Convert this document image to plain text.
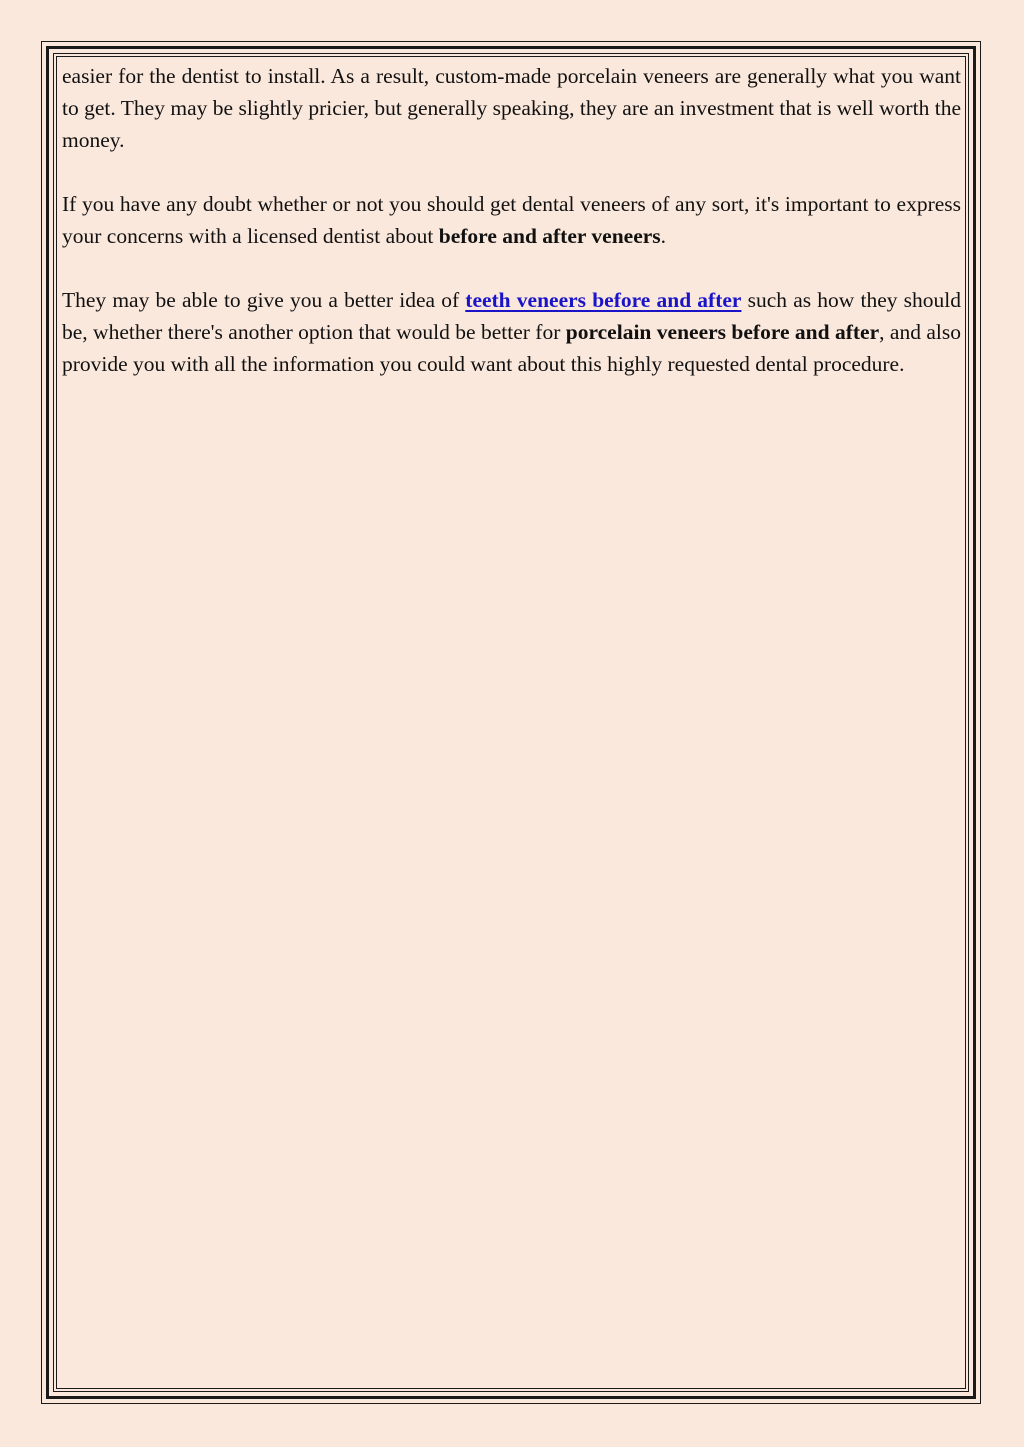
easier for the dentist to install. As a result, custom-made porcelain veneers are generally what you want to get. They may be slightly pricier, but generally speaking, they are an investment that is well worth the money.

If you have any doubt whether or not you should get dental veneers of any sort, it's important to express your concerns with a licensed dentist about before and after veneers.

They may be able to give you a better idea of teeth veneers before and after such as how they should be, whether there's another option that would be better for porcelain veneers before and after, and also provide you with all the information you could want about this highly requested dental procedure.
